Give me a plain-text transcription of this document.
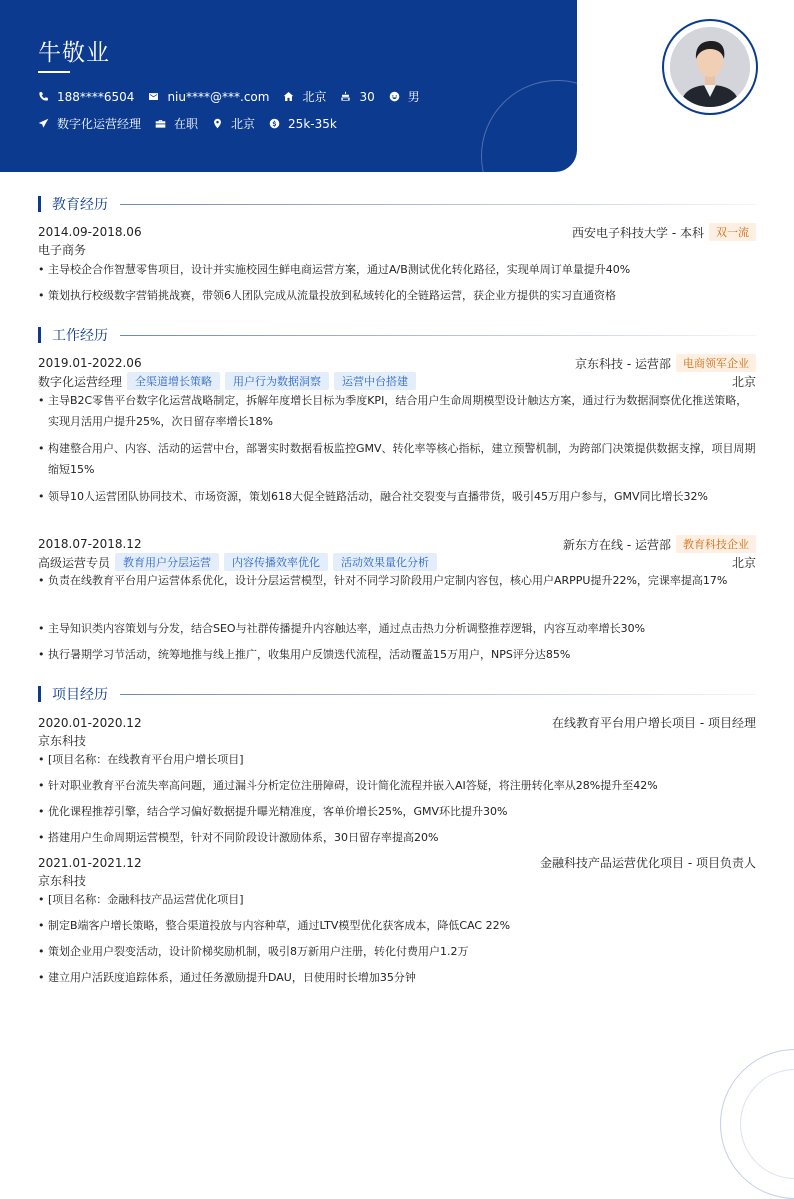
牛敬业
188****6504	niu****@***.com	北京	30	男
数字化运营经理	在职	北京	25k-35k
教育经历
2014.09-2018.06	西安电子科技大学 - 本科	双一流
电子商务
• 主导校企合作智慧零售项目，设计并实施校园生鲜电商运营方案，通过A/B测试优化转化路径，实现单周订单量提升40%
• 策划执行校级数字营销挑战赛，带领6人团队完成从流量投放到私域转化的全链路运营，获企业方提供的实习直通资格
工作经历
2019.01-2022.06	京东科技 - 运营部	电商领军企业
数字化运营经理	全渠道增长策略	用户行为数据洞察	运营中台搭建	北京
• 主导B2C零售平台数字化运营战略制定，拆解年度增长目标为季度KPI，结合用户生命周期模型设计触达方案，通过行为数据洞察优化推送策略，实现月活用户提升25%，次日留存率增长18%
• 构建整合用户、内容、活动的运营中台，部署实时数据看板监控GMV、转化率等核心指标，建立预警机制，为跨部门决策提供数据支撑，项目周期缩短15%
• 领导10人运营团队协同技术、市场资源，策划618大促全链路活动，融合社交裂变与直播带货，吸引45万用户参与，GMV同比增长32%
2018.07-2018.12	新东方在线 - 运营部	教育科技企业
高级运营专员	教育用户分层运营	内容传播效率优化	活动效果量化分析	北京
• 负责在线教育平台用户运营体系优化，设计分层运营模型，针对不同学习阶段用户定制内容包，核心用户ARPPU提升22%，完课率提高17%
• 主导知识类内容策划与分发，结合SEO与社群传播提升内容触达率，通过点击热力分析调整推荐逻辑，内容互动率增长30%
• 执行暑期学习节活动，统筹地推与线上推广，收集用户反馈迭代流程，活动覆盖15万用户，NPS评分达85%
项目经历
2020.01-2020.12	在线教育平台用户增长项目 - 项目经理
京东科技
• [项目名称：在线教育平台用户增长项目]
• 针对职业教育平台流失率高问题，通过漏斗分析定位注册障碍，设计简化流程并嵌入AI答疑，将注册转化率从28%提升至42%
• 优化课程推荐引擎，结合学习偏好数据提升曝光精准度，客单价增长25%，GMV环比提升30%
• 搭建用户生命周期运营模型，针对不同阶段设计激励体系，30日留存率提高20%
2021.01-2021.12	金融科技产品运营优化项目 - 项目负责人
京东科技
• [项目名称：金融科技产品运营优化项目]
• 制定B端客户增长策略，整合渠道投放与内容种草，通过LTV模型优化获客成本，降低CAC 22%
• 策划企业用户裂变活动，设计阶梯奖励机制，吸引8万新用户注册，转化付费用户1.2万
• 建立用户活跃度追踪体系，通过任务激励提升DAU，日使用时长增加35分钟
